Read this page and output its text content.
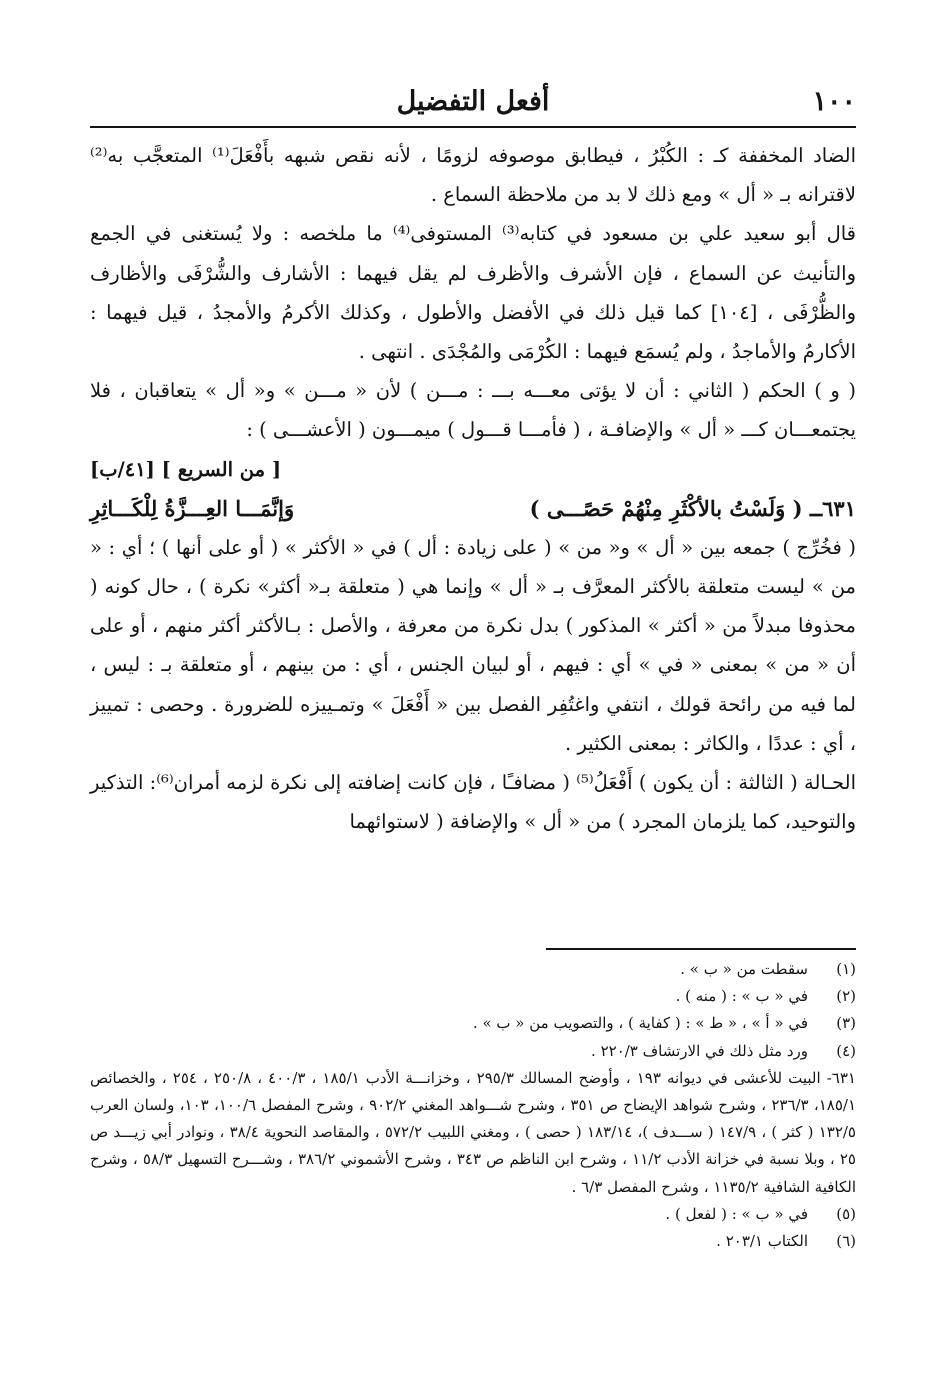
١٠٠
أفعل التفضيل

الضاد المخففة كـ : الكُبْرُ ، فيطابق موصوفه لزومًا ، لأنه نقص شبهه بأَفْعَلَ⁽¹⁾ المتعجَّب به⁽²⁾ لاقترانه بـ « أل » ومع ذلك لا بد من ملاحظة السماع .

قال أبو سعيد علي بن مسعود في كتابه⁽³⁾ المستوفى⁽⁴⁾ ما ملخصه : ولا يُستغنى في الجمع والتأنيث عن السماع ، فإن الأشرف والأظرف لم يقل فيهما : الأشارف والشُّرْفَى والأظارف والظُّرْفَى ، [١٠٤] كما قيل ذلك في الأفضل والأطول ، وكذلك الأكرمُ والأمجدُ ، قيل فيهما : الأكارمُ والأماجدُ ، ولم يُسمَع فيهما : الكُرْمَى والمُجْدَى . انتهى .

( و ) الحكم ( الثاني : أن لا يؤتى معـــه بـــ : مـــن ) لأن « مـــن » و« أل » يتعاقبان ، فلا يجتمعـــان كـــ « أل » والإضافـة ، ( فأمـــا قـــول ) ميمـــون ( الأعشـــى ) :

[ من السريع ] [٤١/ب]

٦٣١ــ ( وَلَسْتُ بالأكْثَرِ مِنْهُمْ حَصًـــى )
وَإنَّمَـــا العِـــزَّةُ لِلْكَـــاثِرِ

( فخُرِّج ) جمعه بين « أل » و« من » ( على زيادة : أل ) في « الأكثر » ( أو على أنها ) ؛ أي : « من » ليست متعلقة بالأكثر المعرَّف بـ « أل » وإنما هي ( متعلقة بـ« أكثر» نكرة ) ، حال كونه ( محذوفا مبدلاً من « أكثر » المذكور ) بدل نكرة من معرفة ، والأصل : بـالأكثر أكثر منهم ، أو على أن « من » بمعنى « في » أي : فيهم ، أو لبيان الجنس ، أي : من بينهم ، أو متعلقة بـ : ليس ، لما فيه من رائحة قولك ، انتفي واغتُفِر الفصل بين « أَفْعَلَ » وتمـييزه للضرورة . وحصى : تمييز ، أي : عددًا ، والكاثر : بمعنى الكثير .

الحـالة ( الثالثة : أن يكون ) أَفْعَلُ⁽⁵⁾ ( مضافـًا ، فإن كانت إضافته إلى نكرة لزمه أمران⁽⁶⁾: التذكير والتوحيد، كما يلزمان المجرد ) من « أل » والإضافة ( لاستوائهما

(١)
سقطت من « ب » .
(٢)
في « ب » : ( منه ) .
(٣)
في « أ » ، « ط » : ( كفاية ) ، والتصويب من « ب » .
(٤)
ورد مثل ذلك في الارتشاف ٢٢٠/٣ .
٦٣١- البيت للأعشى في ديوانه ١٩٣ ، وأوضح المسالك ٢٩٥/٣ ، وخزانـــة الأدب ١٨٥/١ ، ٤٠٠/٣ ، ٢٥٠/٨ ، ٢٥٤ ، والخصائص ١٨٥/١، ٢٣٦/٣ ، وشرح شواهد الإيضاح ص ٣٥١ ، وشرح شـــواهد المغني ٩٠٢/٢ ، وشرح المفصل ١٠٠/٦، ١٠٣، ولسان العرب ١٣٢/٥ ( كثر ) ، ١٤٧/٩ ( ســـدف )، ١٨٣/١٤ ( حصى ) ، ومغني اللبيب ٥٧٢/٢ ، والمقاصد النحوية ٣٨/٤ ، ونوادر أبي زيـــد ص ٢٥ ، وبلا نسبة في خزانة الأدب ١١/٢ ، وشرح ابن الناظم ص ٣٤٣ ، وشرح الأشموني ٣٨٦/٢ ، وشـــرح التسهيل ٥٨/٣ ، وشرح الكافية الشافية ١١٣٥/٢ ، وشرح المفصل ٦/٣ .
(٥)
في « ب » : ( لفعل ) .
(٦)
الكتاب ٢٠٣/١ .
